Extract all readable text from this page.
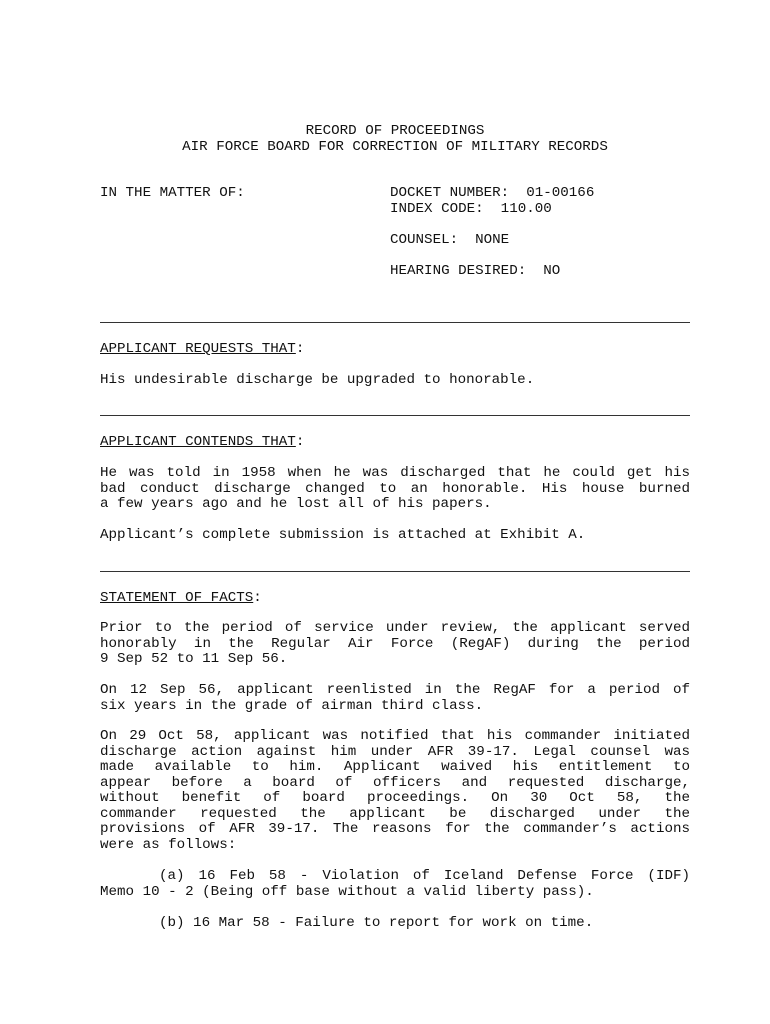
RECORD OF PROCEEDINGS
AIR FORCE BOARD FOR CORRECTION OF MILITARY RECORDS
IN THE MATTER OF:	DOCKET NUMBER:  01-00166
INDEX CODE:  110.00
COUNSEL:  NONE
HEARING DESIRED:  NO
APPLICANT REQUESTS THAT:
His undesirable discharge be upgraded to honorable.
APPLICANT CONTENDS THAT:
He was told in 1958 when he was discharged that he could get his
bad conduct discharge changed to an honorable. His house burned
a few years ago and he lost all of his papers.
Applicant’s complete submission is attached at Exhibit A.
STATEMENT OF FACTS:
Prior to the period of service under review, the applicant served
honorably in the Regular Air Force (RegAF) during the period
9 Sep 52 to 11 Sep 56.
On 12 Sep 56, applicant reenlisted in the RegAF for a period of
six years in the grade of airman third class.
On 29 Oct 58, applicant was notified that his commander initiated
discharge action against him under AFR 39-17. Legal counsel was
made available to him. Applicant waived his entitlement to
appear before a board of officers and requested discharge,
without benefit of board proceedings. On 30 Oct 58, the
commander requested the applicant be discharged under the
provisions of AFR 39-17. The reasons for the commander’s actions
were as follows:
(a) 16 Feb 58 - Violation of Iceland Defense Force (IDF)
Memo 10 - 2 (Being off base without a valid liberty pass).
(b) 16 Mar 58 - Failure to report for work on time.
